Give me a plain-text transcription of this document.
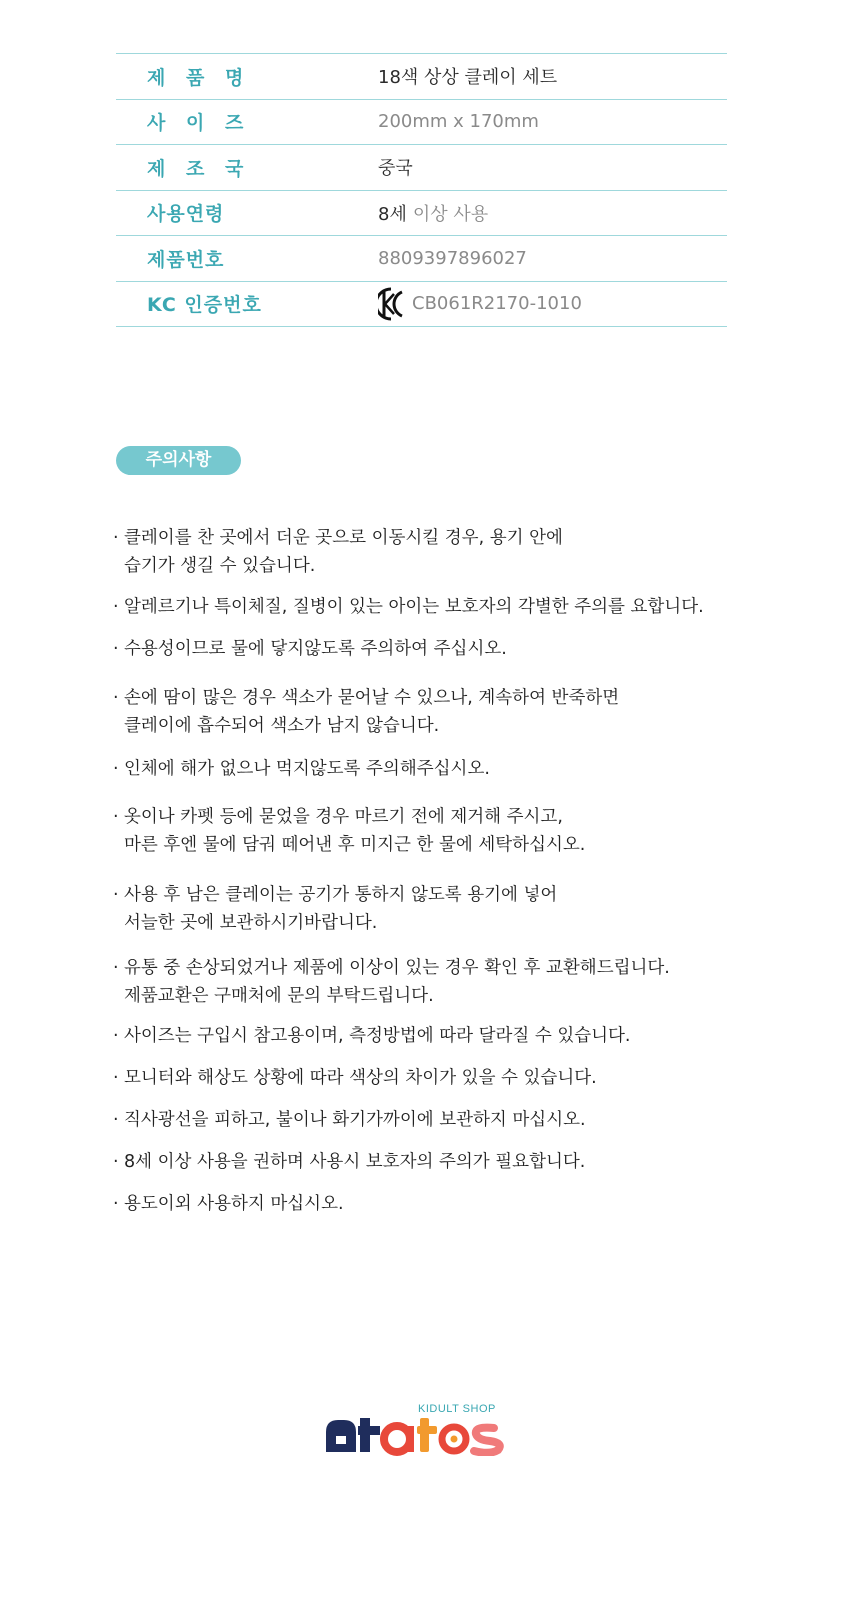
제 품 명	18색 상상 클레이 세트
사 이 즈	200mm x 170mm
제 조 국	중국
사용연령	8세 이상 사용
제품번호	8809397896027
KC 인증번호	CB061R2170-1010
주의사항
· 클레이를 찬 곳에서 더운 곳으로 이동시킬 경우, 용기 안에
습기가 생길 수 있습니다.
· 알레르기나 특이체질, 질병이 있는 아이는 보호자의 각별한 주의를 요합니다.
· 수용성이므로 물에 닿지않도록 주의하여 주십시오.
· 손에 땀이 많은 경우 색소가 묻어날 수 있으나, 계속하여 반죽하면
클레이에 흡수되어 색소가 남지 않습니다.
· 인체에 해가 없으나 먹지않도록 주의해주십시오.
· 옷이나 카펫 등에 묻었을 경우 마르기 전에 제거해 주시고,
마른 후엔 물에 담궈 떼어낸 후 미지근 한 물에 세탁하십시오.
· 사용 후 남은 클레이는 공기가 통하지 않도록 용기에 넣어
서늘한 곳에 보관하시기바랍니다.
· 유통 중 손상되었거나 제품에 이상이 있는 경우 확인 후 교환해드립니다.
제품교환은 구매처에 문의 부탁드립니다.
· 사이즈는 구입시 참고용이며, 측정방법에 따라 달라질 수 있습니다.
· 모니터와 해상도 상황에 따라 색상의 차이가 있을 수 있습니다.
· 직사광선을 피하고, 불이나 화기가까이에 보관하지 마십시오.
· 8세 이상 사용을 권하며 사용시 보호자의 주의가 필요합니다.
· 용도이외 사용하지 마십시오.
KIDULT SHOP
